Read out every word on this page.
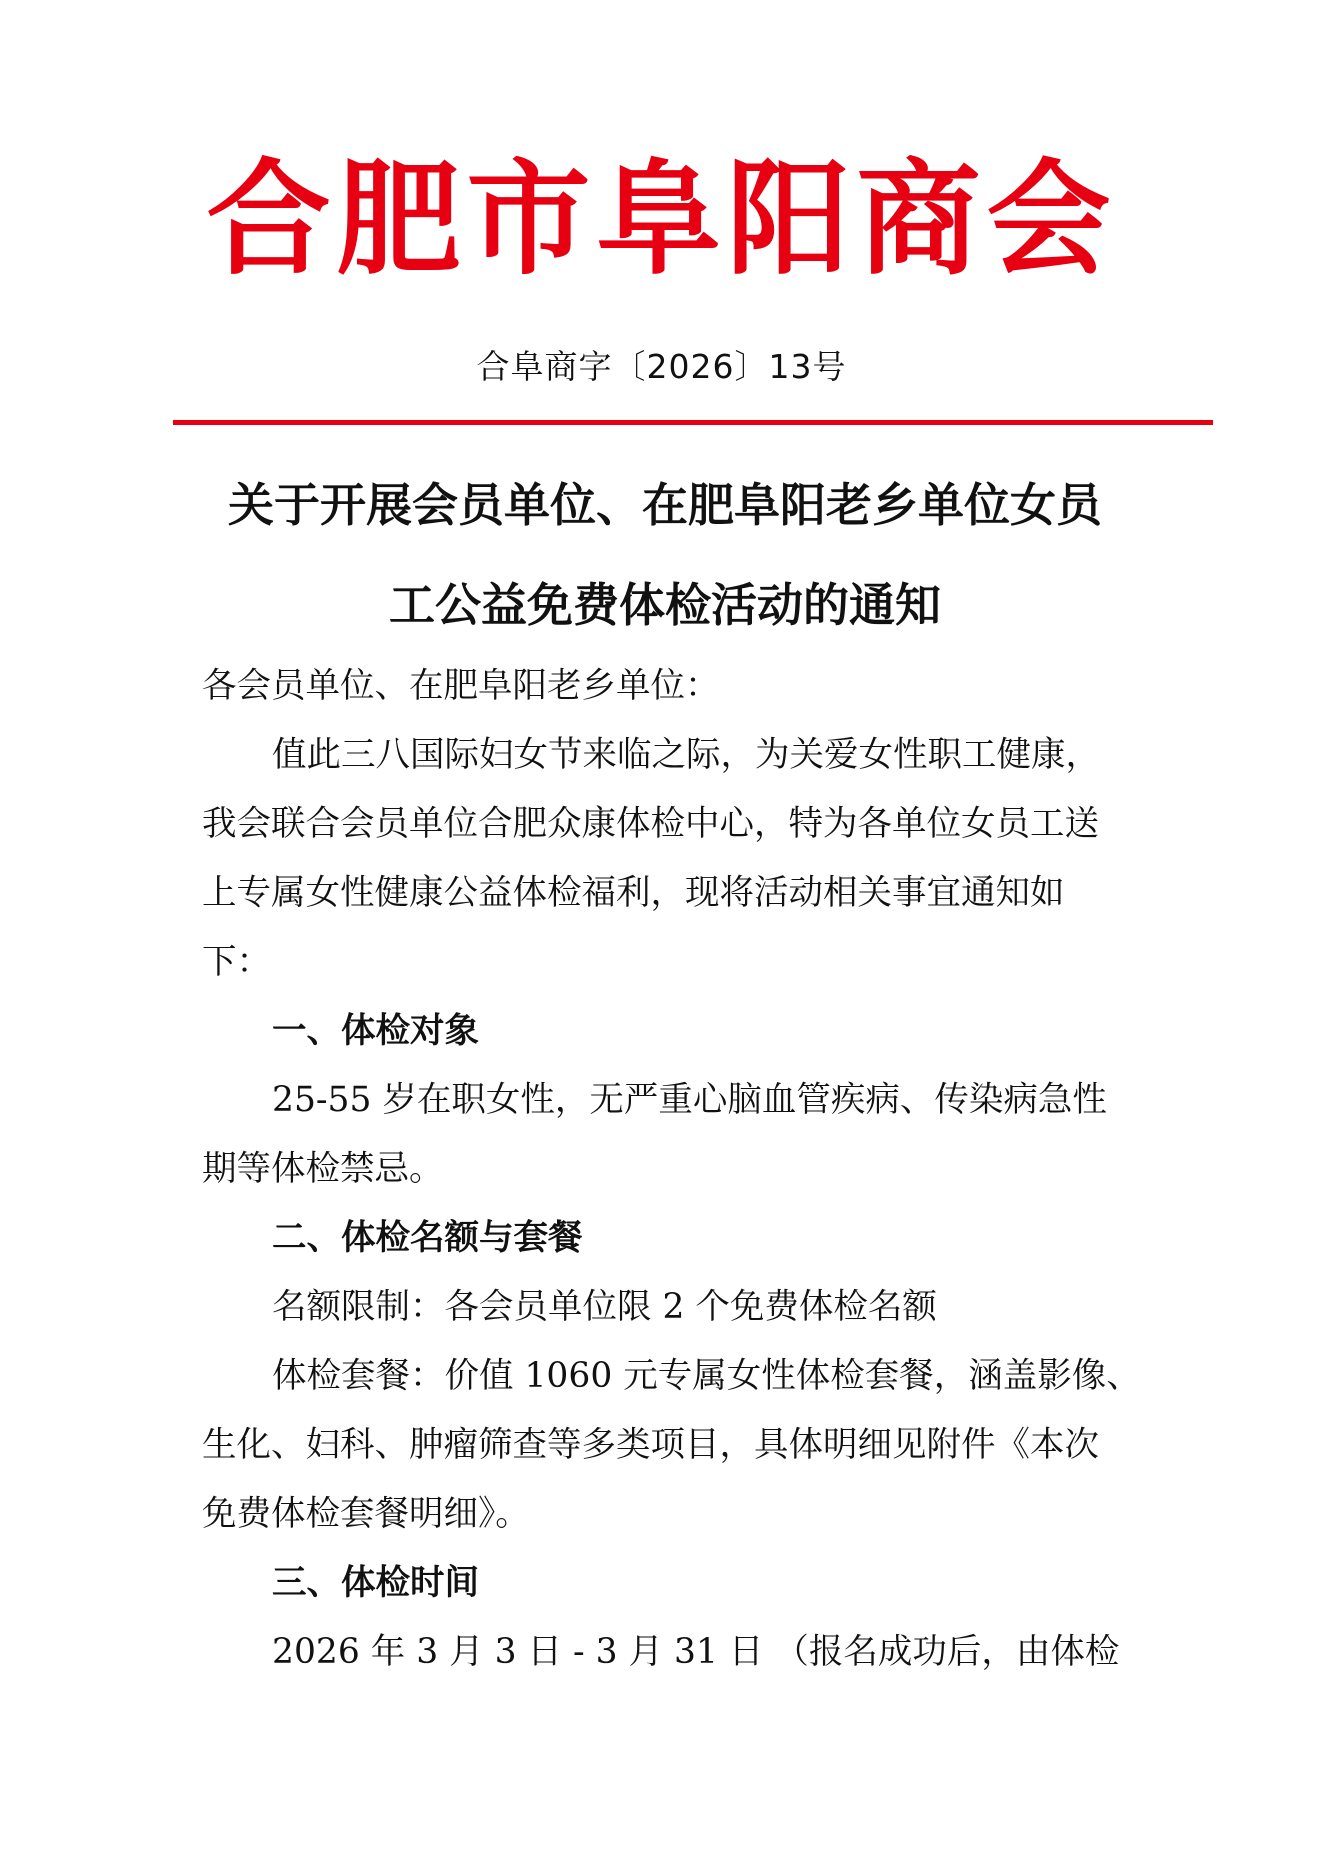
合肥市阜阳商会
合阜商字〔2026〕13号
关于开展会员单位、在肥阜阳老乡单位女员
工公益免费体检活动的通知

各会员单位、在肥阜阳老乡单位：

值此三八国际妇女节来临之际，为关爱女性职工健康，

我会联合会员单位合肥众康体检中心，特为各单位女员工送

上专属女性健康公益体检福利，现将活动相关事宜通知如

下：

一、体检对象

25-55 岁在职女性，无严重心脑血管疾病、传染病急性

期等体检禁忌。

二、体检名额与套餐

名额限制：各会员单位限 2 个免费体检名额

体检套餐：价值 1060 元专属女性体检套餐，涵盖影像、

生化、妇科、肿瘤筛查等多类项目，具体明细见附件《本次

免费体检套餐明细》。

三、体检时间

2026 年 3 月 3 日 - 3 月 31 日 （报名成功后，由体检
